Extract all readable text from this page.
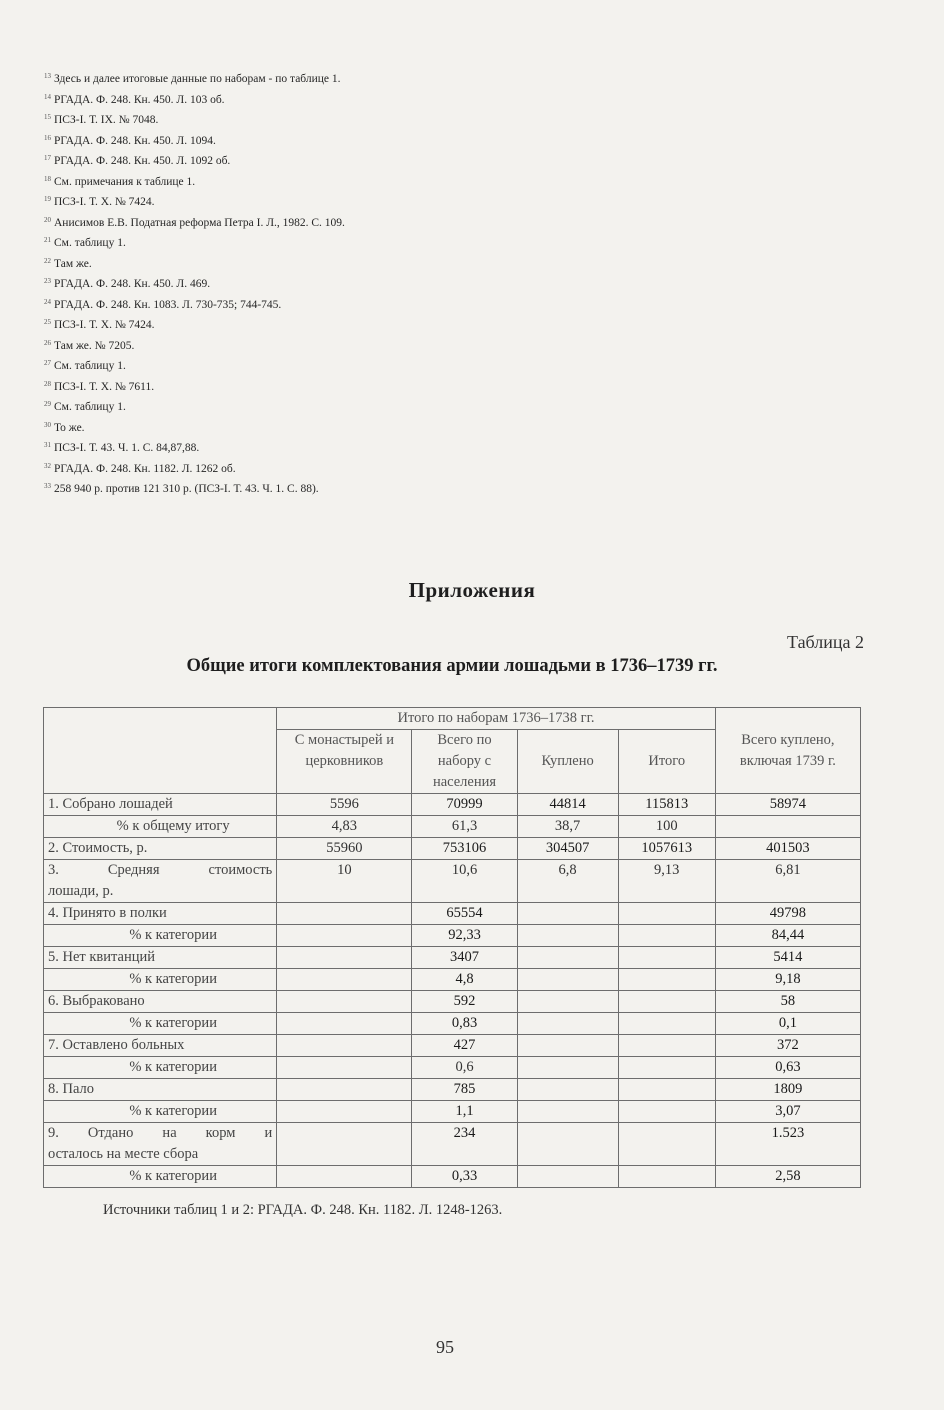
$^{13}$ Здесь и далее итоговые данные по наборам - по таблице 1.
$^{14}$ РГАДА. Ф. 248. Кн. 450. Л. 103 об.
$^{15}$ ПСЗ-I. Т. IX. № 7048.
$^{16}$ РГАДА. Ф. 248. Кн. 450. Л. 1094.
$^{17}$ РГАДА. Ф. 248. Кн. 450. Л. 1092 об.
$^{18}$ См. примечания к таблице 1.
$^{19}$ ПСЗ-I. Т. Х. № 7424.
$^{20}$ Анисимов Е.В. Податная реформа Петра I. Л., 1982. С. 109.
$^{21}$ См. таблицу 1.
$^{22}$ Там же.
$^{23}$ РГАДА. Ф. 248. Кн. 450. Л. 469.
$^{24}$ РГАДА. Ф. 248. Кн. 1083. Л. 730-735; 744-745.
$^{25}$ ПСЗ-I. Т. Х. № 7424.
$^{26}$ Там же. № 7205.
$^{27}$ См. таблицу 1.
$^{28}$ ПСЗ-I. Т. Х. № 7611.
$^{29}$ См. таблицу 1.
$^{30}$ То же.
$^{31}$ ПСЗ-I. Т. 43. Ч. 1. С. 84,87,88.
$^{32}$ РГАДА. Ф. 248. Кн. 1182. Л. 1262 об.
$^{33}$ 258 940 р. против 121 310 р. (ПСЗ-I. Т. 43. Ч. 1. С. 88).
Приложения
Таблица 2
Общие итоги комплектования армии лошадьми в 1736–1739 гг.
	Итого по наборам 1736–1738 гг.				Всего куплено, включая 1739 г.
	С монастырей и церковников	Всего по набору с населения	Куплено	Итого	
1. Собрано лошадей	5596	70999	44814	115813	58974
% к общему итогу	4,83	61,3	38,7	100	
2. Стоимость, р.	55960	753106	304507	1057613	401503

3. Средняя стоимость
лошади, р.	10	10,6	6,8	9,13	6,81
4. Принято в полки		65554			49798
% к категории		92,33			84,44
5. Нет квитанций		3407			5414
% к категории		4,8			9,18
6. Выбраковано		592			58
% к категории		0,83			0,1
7. Оставлено больных		427			372
% к категории		0,6			0,63
8. Пало		785			1809
% к категории		1,1			3,07

9. Отдано на корм и
осталось на месте сбора		234			1.523
% к категории		0,33			2,58
Источники таблиц 1 и 2: РГАДА. Ф. 248. Кн. 1182. Л. 1248-1263.
95
